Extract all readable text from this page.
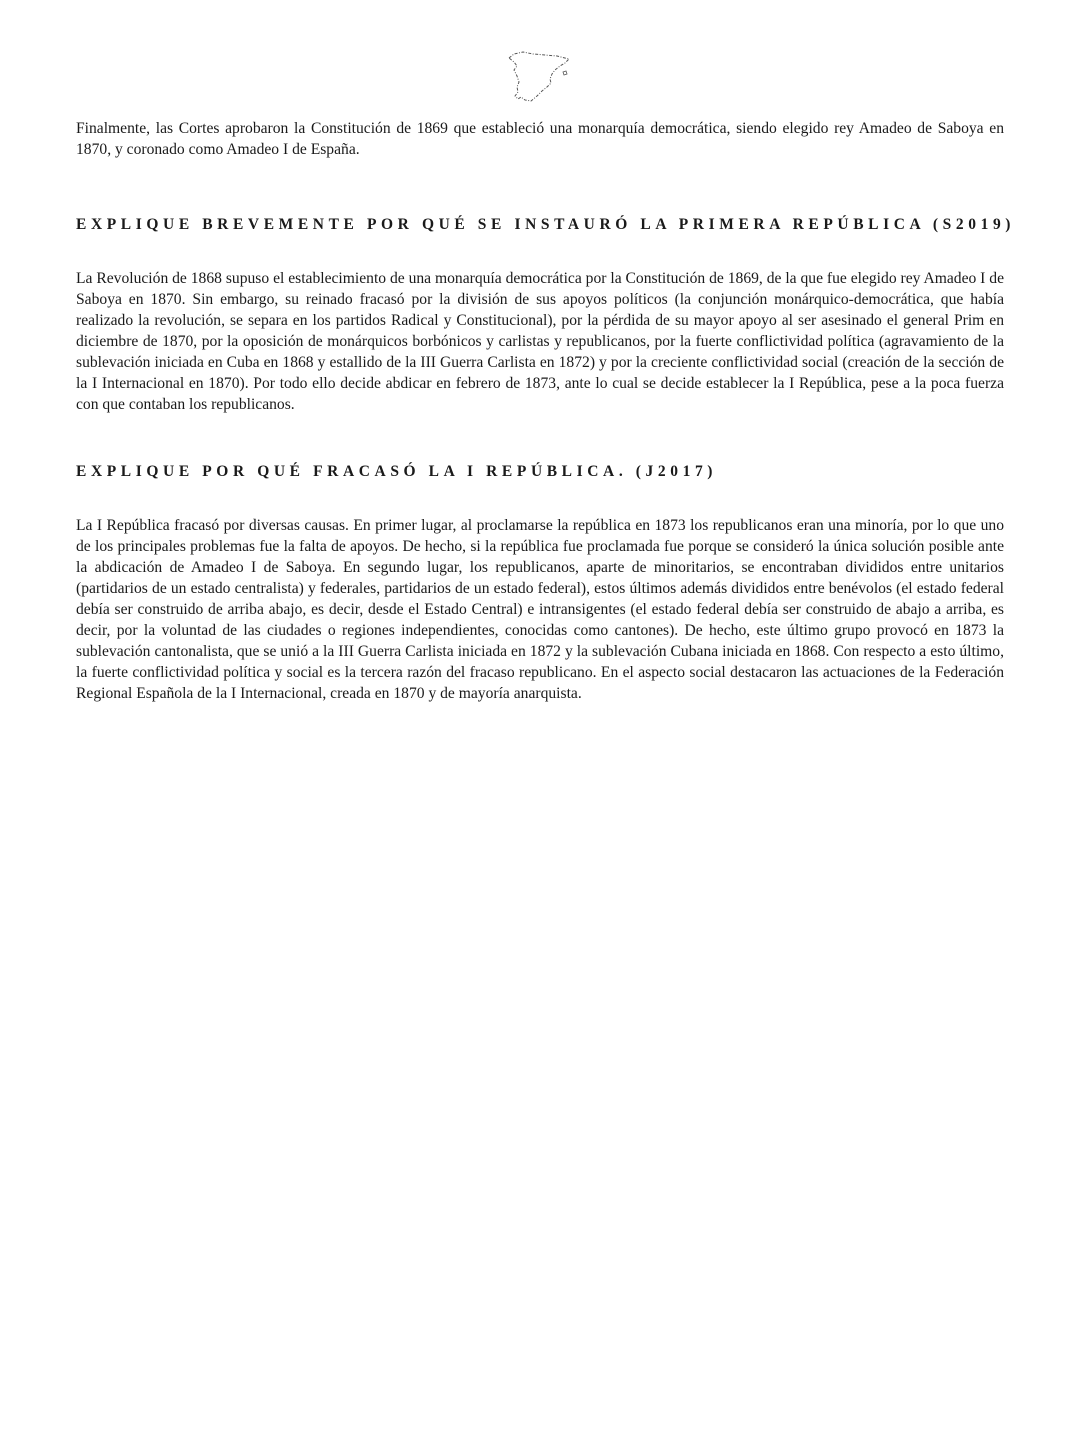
Finalmente, las Cortes aprobaron la Constitución de 1869 que estableció una monarquía democrática, siendo elegido rey Amadeo de Saboya en 1870, y coronado como Amadeo I de España.

EXPLIQUE BREVEMENTE POR QUÉ SE INSTAURÓ LA PRIMERA REPÚBLICA (S2019)

La Revolución de 1868 supuso el establecimiento de una monarquía democrática por la Constitución de 1869, de la que fue elegido rey Amadeo I de Saboya en 1870. Sin embargo, su reinado fracasó por la división de sus apoyos políticos (la conjunción monárquico-democrática, que había realizado la revolución, se separa en los partidos Radical y Constitucional), por la pérdida de su mayor apoyo al ser asesinado el general Prim en diciembre de 1870, por la oposición de monárquicos borbónicos y carlistas y republicanos, por la fuerte conflictividad política (agravamiento de la sublevación iniciada en Cuba en 1868 y estallido de la III Guerra Carlista en 1872) y por la creciente conflictividad social (creación de la sección de la I Internacional en 1870). Por todo ello decide abdicar en febrero de 1873, ante lo cual se decide establecer la I República, pese a la poca fuerza con que contaban los republicanos.

EXPLIQUE POR QUÉ FRACASÓ LA I REPÚBLICA. (J2017)

La I República fracasó por diversas causas. En primer lugar, al proclamarse la república en 1873 los republicanos eran una minoría, por lo que uno de los principales problemas fue la falta de apoyos. De hecho, si la república fue proclamada fue porque se consideró la única solución posible ante la abdicación de Amadeo I de Saboya. En segundo lugar, los republicanos, aparte de minoritarios, se encontraban divididos entre unitarios (partidarios de un estado centralista) y federales, partidarios de un estado federal), estos últimos además divididos entre benévolos (el estado federal debía ser construido de arriba abajo, es decir, desde el Estado Central) e intransigentes (el estado federal debía ser construido de abajo a arriba, es decir, por la voluntad de las ciudades o regiones independientes, conocidas como cantones). De hecho, este último grupo provocó en 1873 la sublevación cantonalista, que se unió a la III Guerra Carlista iniciada en 1872 y la sublevación Cubana iniciada en 1868. Con respecto a esto último, la fuerte conflictividad política y social es la tercera razón del fracaso republicano. En el aspecto social destacaron las actuaciones de la Federación Regional Española de la I Internacional, creada en 1870 y de mayoría anarquista.
